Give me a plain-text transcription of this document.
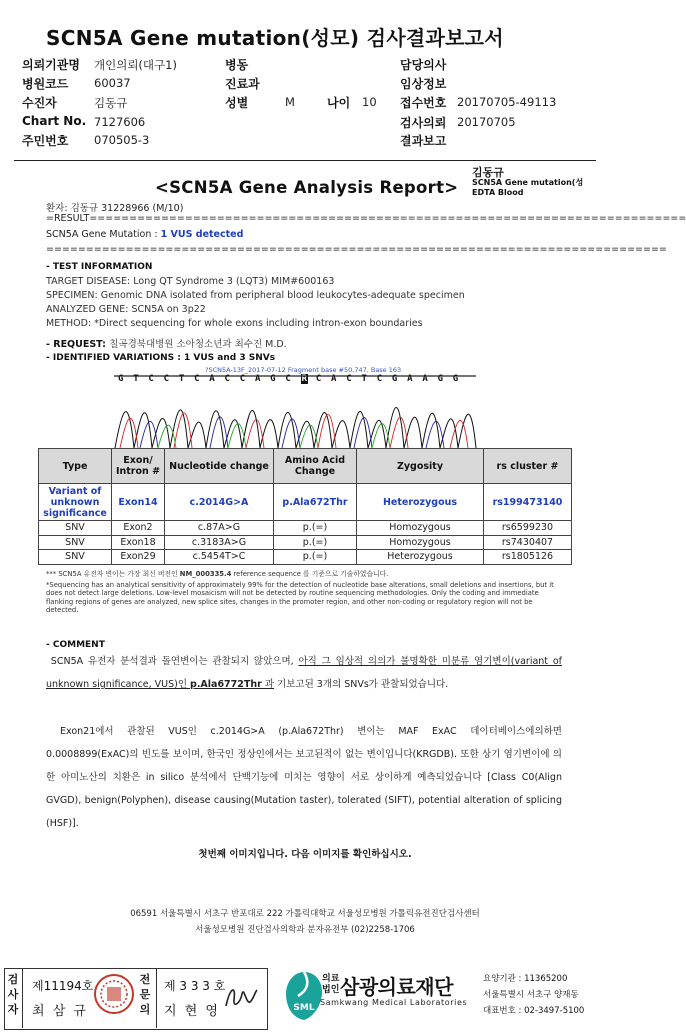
SCN5A Gene mutation(성모) 검사결과보고서
의뢰기관명 개인의뢰(대구1)	병동	담당의사
병원코드 60037	진료과	임상정보
수진자	김동규	성별	M	나이 10 접수번호 20170705-49113
Chart No. 7127606	검사의뢰 20170705
주민번호 070505-3	결과보고
<SCN5A Gene Analysis Report>
김동규
SCN5A Gene mutation(성
EDTA Blood
환자: 김동규 31228966 (M/10)
=RESULT===========================================================================
SCN5A Gene Mutation : 1 VUS detected
==============================================================================
- TEST INFORMATION
TARGET DISEASE: Long QT Syndrome 3 (LQT3) MIM#600163
SPECIMEN: Genomic DNA isolated from peripheral blood leukocytes-adequate specimen
ANALYZED GENE: SCN5A on 3p22
METHOD: *Direct sequencing for whole exons including intron-exon boundaries
- REQUEST: 칠곡경북대병원 소아청소년과 최수진 M.D.
- IDENTIFIED VARIATIONS : 1 VUS and 3 SNVs
?SCN5A-13F_2017-07-12 Fragment base #50,747, Base 163
G T C C T C A C C A G C R C A C T C G A A G G
Type	Exon/ Intron #	Nucleotide change	Amino Acid Change	Zygosity	rs cluster #
Variant of unknown significance	Exon14	c.2014G>A	p.Ala672Thr	Heterozygous	rs199473140
SNV	Exon2	c.87A>G	p.(=)	Homozygous	rs6599230
SNV	Exon18	c.3183A>G	p.(=)	Homozygous	rs7430407
SNV	Exon29	c.5454T>C	p.(=)	Heterozygous	rs1805126
*** SCN5A 유전자 변이는 가장 최신 버전인 NM_000335.4 reference sequence 를 기준으로 기술하였습니다.
*Sequencing has an analytical sensitivity of approximately 99% for the detection of nucleotide base alterations, small deletions and insertions, but it does not detect large deletions. Low-level mosaicism will not be detected by routine sequencing methodologies. Only the coding and immediate flanking regions of genes are analyzed, new splice sites, changes in the promoter region, and other non-coding or regulatory region will not be detected.
- COMMENT
SCN5A 유전자 분석결과 돌연변이는 관찰되지 않았으며, 아직 그 임상적 의의가 불명확한 미분류 염기변이(variant of unknown significance, VUS)인 p.Ala6772Thr 과 기보고된 3개의 SNVs가 관찰되었습니다.
Exon21에서 관찰된 VUS인 c.2014G>A (p.Ala672Thr) 변이는 MAF ExAC 데이터베이스에의하면 0.0008899(ExAC)의 빈도를 보이며, 한국인 정상인에서는 보고된적이 없는 변이입니다(KRGDB). 또한 상기 염기변이에 의한 아미노산의 치환은 in silico 분석에서 단백기능에 미치는 영향이 서로 상이하게 예측되었습니다 [Class C0(Align GVGD), benign(Polyphen), disease causing(Mutation taster), tolerated (SIFT), potential alteration of splicing (HSF)].
첫번째 이미지입니다. 다음 이미지를 확인하십시오.
06591 서울특별시 서초구 반포대로 222 가톨릭대학교 서울성모병원 가톨릭유전진단검사센터
서울성모병원 진단검사의학과 분자유전부 (02)2258-1706
검사자
제11194호
최 삼 규
전문의
제 3 3 3 호
지 현 영	SML
의료
법인 삼광의료재단
Samkwang Medical Laboratories
요양기관 : 11365200
서울특별시 서초구 양재동
대표번호 : 02-3497-5100
